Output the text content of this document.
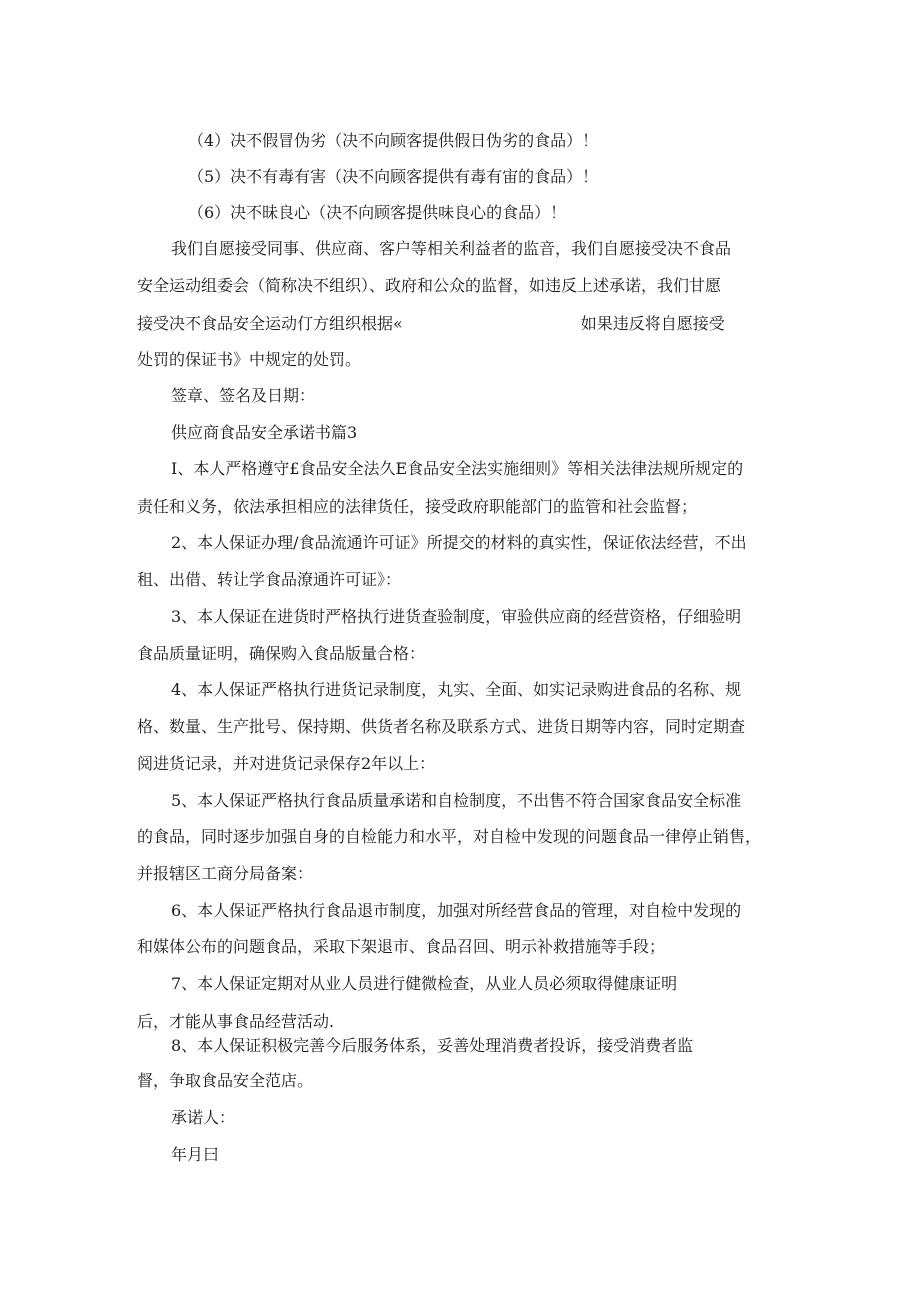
（4）决不假冒伪劣（决不向顾客提供假日伪劣的食品）！
（5）决不有毒有害（决不向顾客提供有毒有宙的食品）！
（6）决不昧良心（决不向顾客提供味良心的食品）！
我们自愿接受同事、供应商、客户等相关利益者的监音，我们自愿接受决不食品
安全运动组委会（简称决不组织）、政府和公众的监督，如违反上述承诺，我们甘愿
接受决不食品安全运动仃方组织根据«	如果违反将自愿接受
处罚的保证书》中规定的处罚。
签章、签名及日期：
供应商食品安全承诺书篇3
I、本人严格遵守£食品安全法久E食品安全法实施细则》等相关法律法规所规定的
责任和义务，依法承担相应的法律货任，接受政府职能部门的监管和社会监督；
2、本人保证办理/食品流通许可证》所提交的材料的真实性，保证依法经营，不出
租、出借、转让学食品潦通许可证》：
3、本人保证在进货时严格执行进货查验制度，审验供应商的经营资格，仔细验明
食品质量证明，确保购入食品版量合格：
4、本人保证严格执行进货记录制度，丸实、全面、如实记录购进食品的名称、规
格、数量、生产批号、保持期、供货者名称及联系方式、进货日期等内容，同时定期查
阅进货记录，并对进货记录保存2年以上：
5、本人保证严格执行食品质量承诺和自检制度，不出售不符合国家食品安全标准
的食品，同时逐步加强自身的自检能力和水平，对自检中发现的问题食品一律停止销售，
并报辖区工商分局备案：
6、本人保证严格执行食品退市制度，加强对所经营食品的管理，对自检中发现的
和媒体公布的问题食品，采取下架退市、食品召回、明示补救措施等手段；
7、本人保证定期对从业人员进行健微检查，从业人员必须取得健康证明
后，才能从事食品经营活动.
8、本人保证积极完善今后服务体系，妥善处理消费者投诉，接受消费者监
督，争取食品安全范店。
承诺人：
年月曰
